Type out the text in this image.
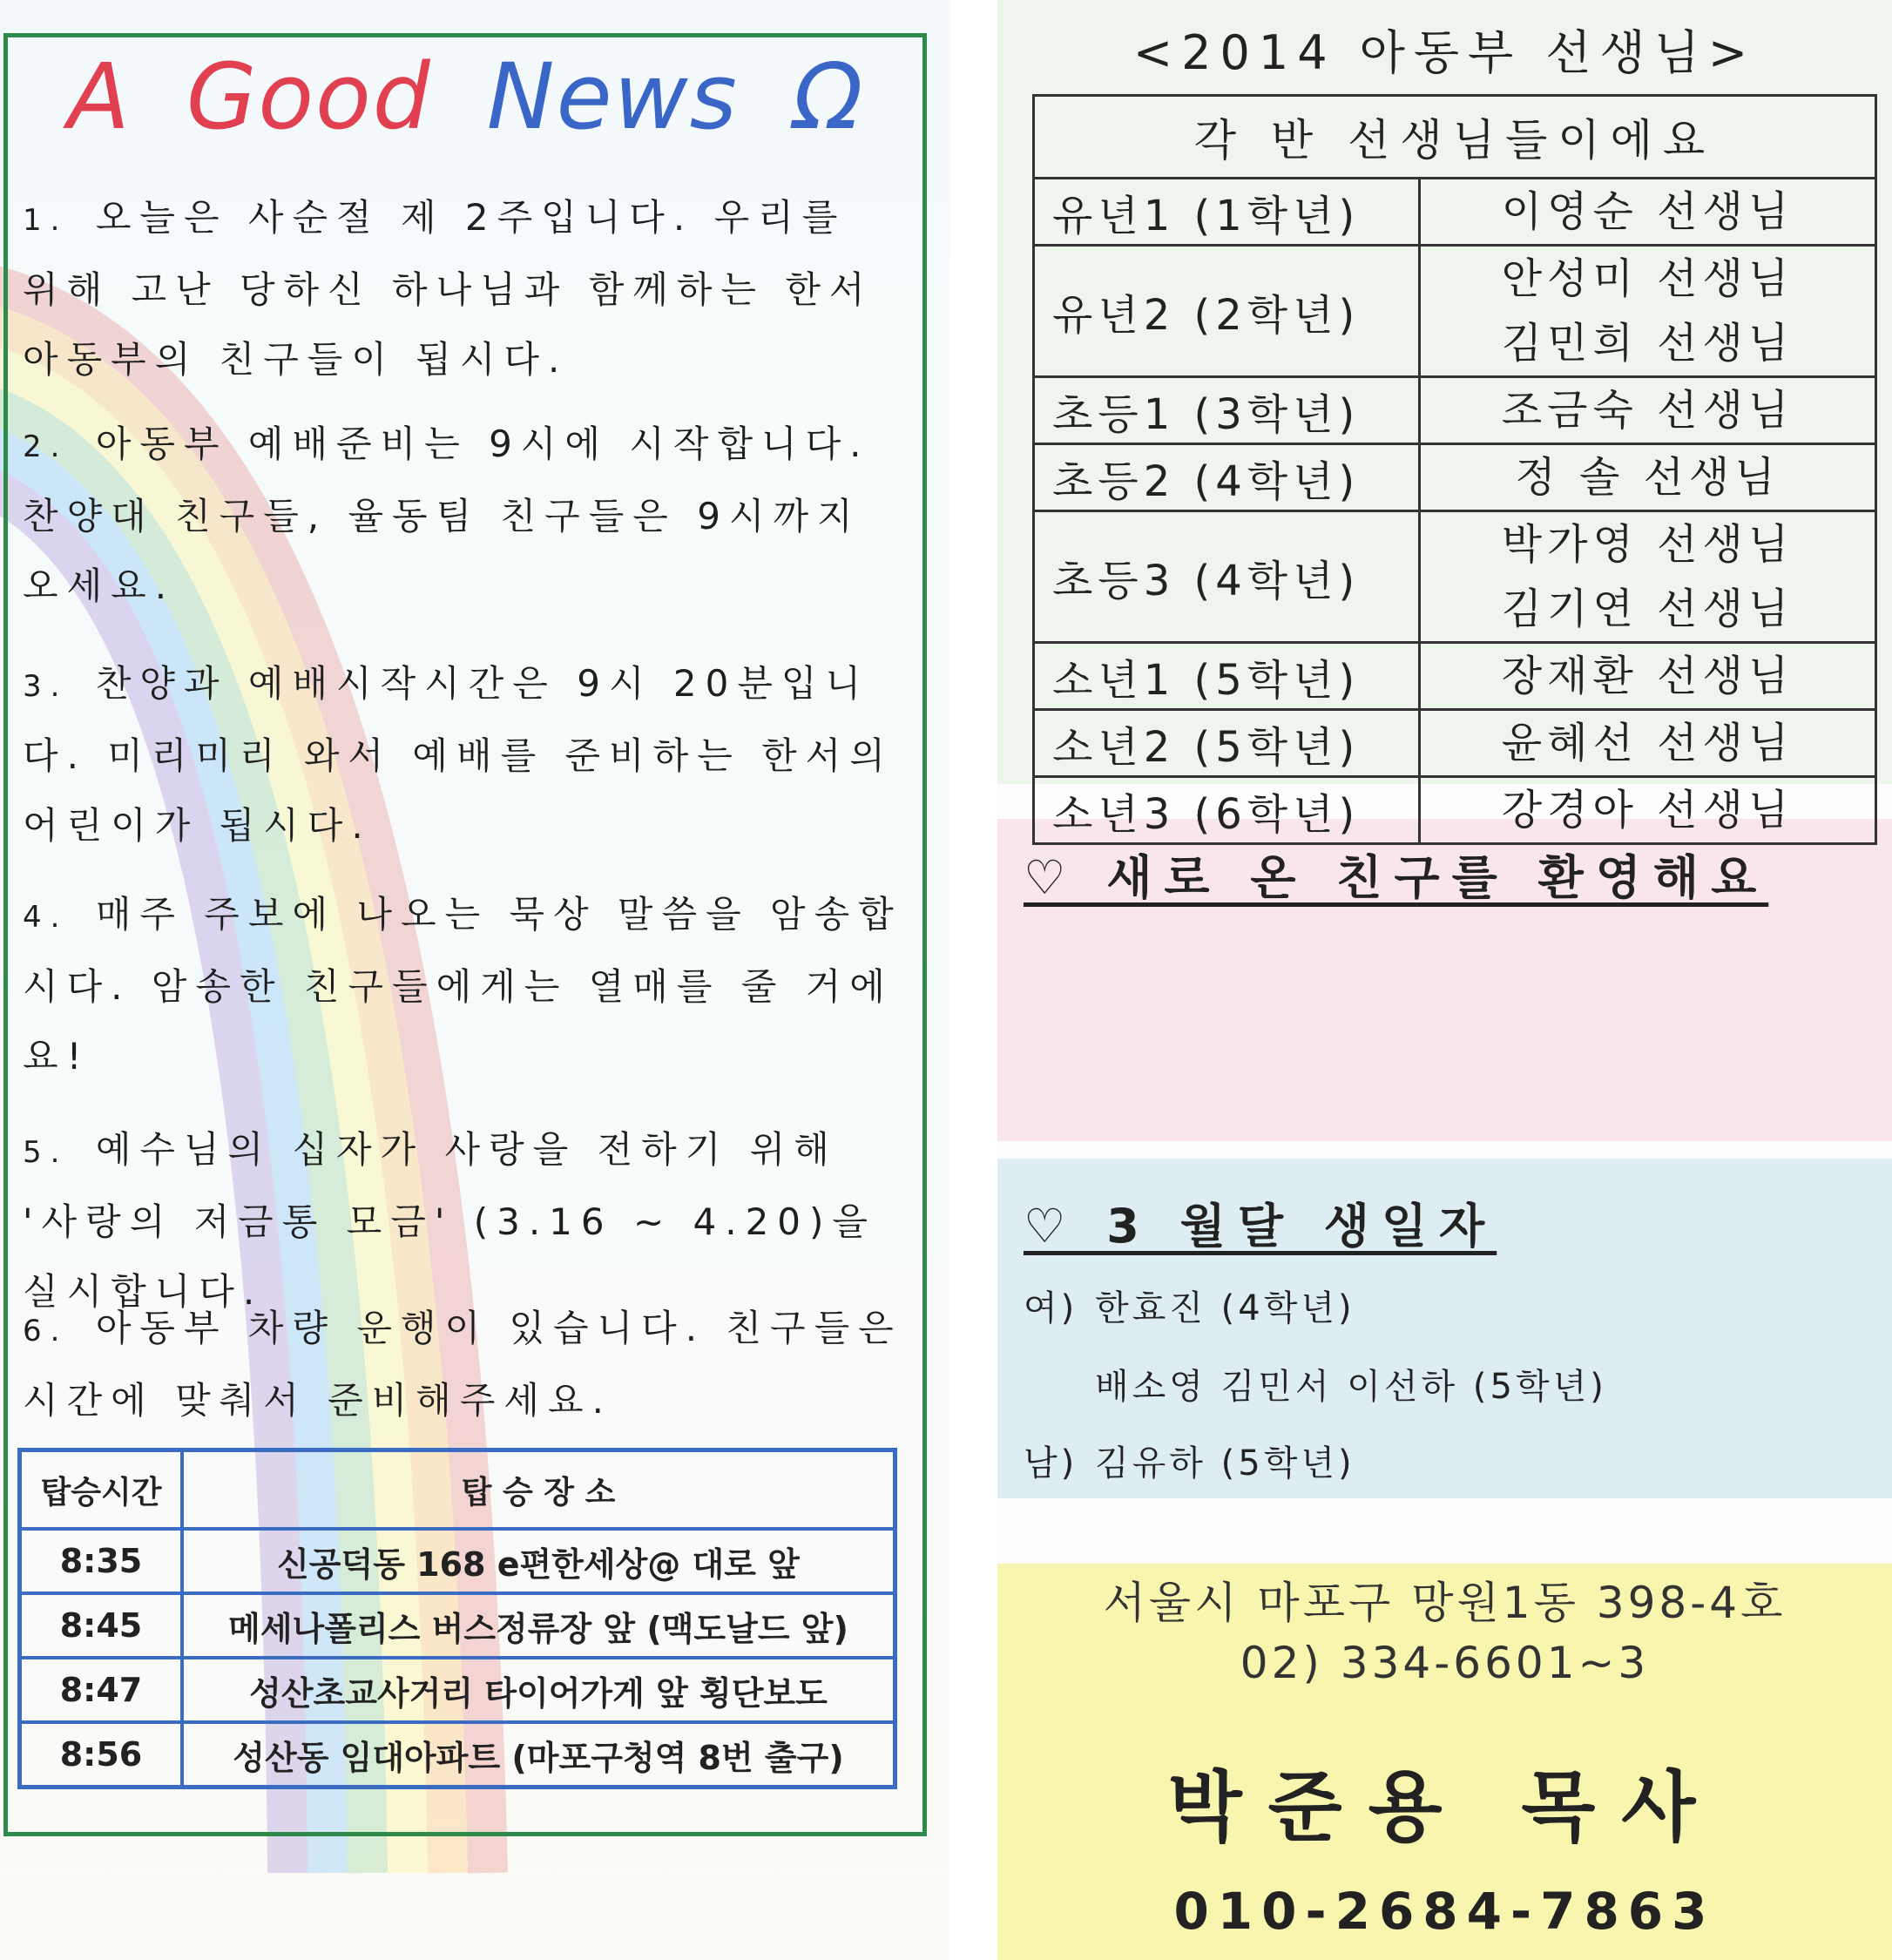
A Good News Ω
1. 오늘은 사순절 제 2주입니다. 우리를 위해 고난 당하신 하나님과 함께하는 한서 아동부의 친구들이 됩시다.
2. 아동부 예배준비는 9시에 시작합니다. 찬양대 친구들, 율동팀 친구들은 9시까지 오세요.
3. 찬양과 예배시작시간은 9시 20분입니다. 미리미리 와서 예배를 준비하는 한서의 어린이가 됩시다.
4. 매주 주보에 나오는 묵상 말씀을 암송합시다. 암송한 친구들에게는 열매를 줄 거에요!
5. 예수님의 십자가 사랑을 전하기 위해 '사랑의 저금통 모금' (3.16 ~ 4.20)을 실시합니다.
6. 아동부 차량 운행이 있습니다. 친구들은 시간에 맞춰서 준비해주세요.
탑승시간	탑 승 장 소
8:35	신공덕동 168 e편한세상@ 대로 앞
8:45	메세나폴리스 버스정류장 앞 (맥도날드 앞)
8:47	성산초교사거리 타이어가게 앞 횡단보도
8:56	성산동 임대아파트 (마포구청역 8번 출구)
<2014 아동부 선생님>
각 반 선생님들이에요	
유년1 (1학년)	이영순 선생님

유년2 (2학년)	안성미 선생님
김민희 선생님

초등1 (3학년)	조금숙 선생님

초등2 (4학년)	정 솔 선생님

초등3 (4학년)	박가영 선생님
김기연 선생님

소년1 (5학년)	장재환 선생님

소년2 (5학년)	윤혜선 선생님

소년3 (6학년)	강경아 선생님
♡ 새로 온 친구를 환영해요
♡ 3 월달 생일자
여) 한효진 (4학년)
배소영 김민서 이선하 (5학년)
남) 김유하 (5학년)
서울시 마포구 망원1동 398-4호
02) 334-6601~3
박준용 목사
010-2684-7863
